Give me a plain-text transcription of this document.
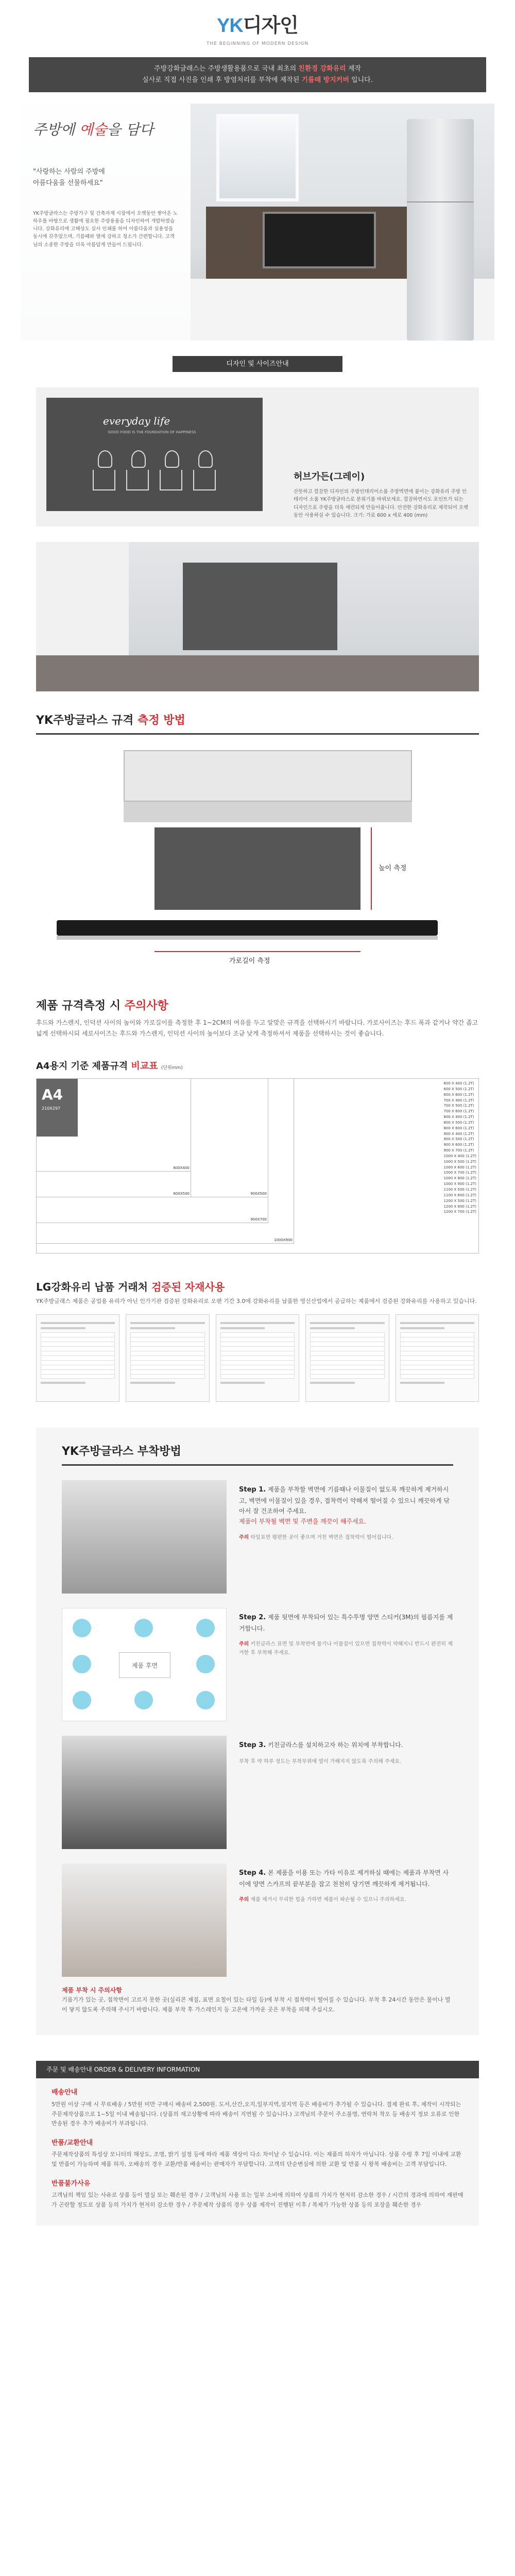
YK디자인
THE BEGINNING OF MODERN DESIGN
주방강화글래스는 주방생활용품으로 국내 최초의 친환경 강화유리 제작
실사로 직접 사진을 인쇄 후 방염처리를 부착에 제작된 기름때 방지커버 입니다.
주방에 예술을 담다
"사랑하는 사람의 주방에
아름다움을 선물하세요"
YK주방글라스는 주방가구 및 건축자재 시장에서 오랫동안 쌓아온 노하우를 바탕으로 생활에 필요한 주방용품을 디자인하여 개발하였습니다. 강화유리에 고해상도 실사 인쇄를 하여 아름다움과 실용성을 동시에 갖추었으며, 기름때와 열에 강하고 청소가 간편합니다. 고객님의 소중한 주방을 더욱 아름답게 만들어 드립니다.
디자인 및 사이즈안내
everyday life
GOOD FOOD IS THE FOUNDATION OF HAPPINESS
허브가든(그레이)
산뜻하고 깔끔한 디자인의 주방인테리어소품 주방벽면에 붙이는 강화유리 주방 인테리어 소품 YK주방글라스로 분위기를 바꿔보세요. 깔끔하면서도 포인트가 되는 디자인으로 주방을 더욱 세련되게 만들어줍니다. 안전한 강화유리로 제작되어 오랫동안 사용하실 수 있습니다. 크기: 가로 600 x 세로 400 (mm)
YK주방글라스 규격 측정 방법
높이 측정
가로길이 측정
제품 규격측정 시 주의사항
후드와 가스렌지, 인덕션 사이의 높이와 가로길이를 측정한 후 1~2CM의 여유를 두고 알맞은 규격을 선택하시기 바랍니다. 가로사이즈는 후드 폭과 같거나 약간 좁고 넓게 선택하시되 세로사이즈는 후드와 가스렌지, 인덕션 사이의 높이보다 조금 낮게 측정하셔서 제품을 선택하시는 것이 좋습니다.
A4용지 기준 제품규격 비교표 (단위mm)
600X400
600X500	900X500
900X700
1000X900
A4
210X297
600 X 400 (1.2T)
600 X 500 (1.2T)
600 X 600 (1.2T)
700 X 400 (1.2T)
700 X 500 (1.2T)
700 X 600 (1.2T)
800 X 400 (1.2T)
800 X 500 (1.2T)
800 X 600 (1.2T)
900 X 400 (1.2T)
900 X 500 (1.2T)
900 X 600 (1.2T)
900 X 700 (1.2T)
1000 X 400 (1.2T)
1000 X 500 (1.2T)
1000 X 600 (1.2T)
1000 X 700 (1.2T)
1000 X 800 (1.2T)
1000 X 900 (1.2T)
1100 X 500 (1.2T)
1100 X 600 (1.2T)
1200 X 500 (1.2T)
1200 X 600 (1.2T)
1200 X 700 (1.2T)
LG강화유리 납품 거래처 검증된 자재사용
YK주방글래스 제품은 공업용 유리가 아닌 인가기관 검증된 강화유리로 오랜 기간 3.0에 강화유리를 납품한 영신산업에서 공급하는 제품에서 검증된 강화유리를 사용하고 있습니다.
YK주방글라스 부착방법
Step 1. 제품을 부착할 벽면에 기름때나 이물질이 없도록 깨끗하게 제거하시고, 벽면에 이물질이 있을 경우, 접착력이 약해져 떨어질 수 있으니 깨끗하게 닦아서 잘 건조하여 주세요.
제품이 부착될 벽면 및 주변을 깨끗이 해주세요.
주의 타일표면 평편한 곳이 좋으며 거친 벽면은 접착력이 떨어집니다.
제품 후면
Step 2. 제품 뒷면에 부착되어 있는 특수투명 양면 스티커(3M)의 필름지를 제거합니다.
주의 키친글라스 표면 및 부착면에 물기나 이물질이 있으면 접착력이 약해지니 반드시 완전히 제거한 후 부착해 주세요.
Step 3. 키친글라스를 설치하고자 하는 위치에 부착합니다.
부착 후 약 하루 정도는 부착부위에 열이 가해지지 않도록 주의해 주세요.
Step 4. 본 제품을 이용 또는 가타 이유로 제거하실 때에는 제품과 부착면 사이에 양면 스카프의 끝부분을 잡고 천천히 당기면 깨끗하게 제거됩니다.
주의 제품 제거시 무리한 힘을 가하면 제품이 파손될 수 있으니 주의하세요.
제품 부착 시 주의사항
기름기가 있는 곳, 접착면이 고르지 못한 곳(실리콘 재질, 표면 요철이 있는 타일 등)에 부착 시 접착력이 떨어질 수 있습니다. 부착 후 24시간 동안은 물이나 열이 닿지 않도록 주의해 주시기 바랍니다. 제품 부착 후 가스레인지 등 고온에 가까운 곳은 부착을 피해 주십시오.
주문 및 배송안내 ORDER & DELIVERY INFORMATION
배송안내
5만원 이상 구매 시 무료배송 / 5만원 미만 구매시 배송비 2,500원. 도서,산간,오지,일부지역,섬지역 등은 배송비가 추가될 수 있습니다. 결제 완료 후, 제작이 시작되는 주문제작상품으로 1~5일 이내 배송됩니다. (상품의 재고상황에 따라 배송이 지연될 수 있습니다.) 고객님의 주문이 주소불명, 연락처 착오 등 배송지 정보 오류로 인한 반송된 경우 추가 배송비가 부과됩니다.
반품/교환안내
주문제작상품의 특성상 모니터의 해상도, 조명, 밝기 설정 등에 따라 제품 색상이 다소 차이날 수 있습니다. 이는 제품의 하자가 아닙니다. 상품 수령 후 7일 이내에 교환 및 반품이 가능하며 제품 하자, 오배송의 경우 교환/반품 배송비는 판매자가 부담합니다. 고객의 단순변심에 의한 교환 및 반품 시 왕복 배송비는 고객 부담입니다.
반품불가사유
고객님의 책임 있는 사유로 상품 등이 멸실 또는 훼손된 경우 / 고객님의 사용 또는 일부 소비에 의하여 상품의 가치가 현저히 감소한 경우 / 시간의 경과에 의하여 재판매가 곤란할 정도로 상품 등의 가치가 현저히 감소한 경우 / 주문제작 상품의 경우 상품 제작이 진행된 이후 / 복제가 가능한 상품 등의 포장을 훼손한 경우
